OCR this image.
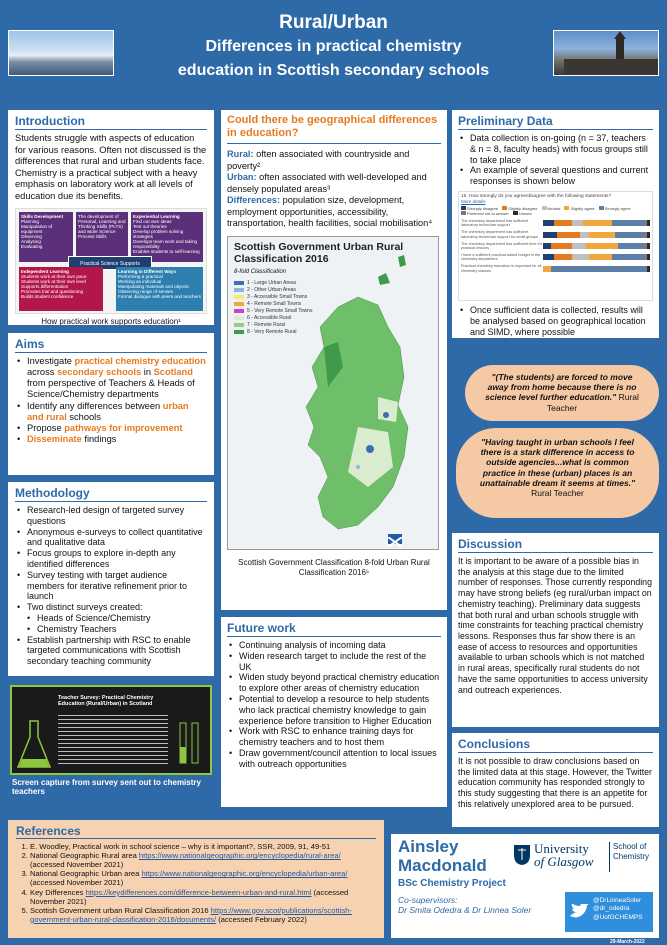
Rural/Urban
Differences in practical chemistry
education in Scottish secondary schools
Introduction
Students struggle with aspects of education for various reasons. Often not discussed is the differences that rural and urban students face. Chemistry is a practical subject with a heavy emphasis on laboratory work at all levels of education due its benefits.
Skills Development
Planning
Manipulation of equipment
Observing
Analysing
Evaluating
The development of Personal, Learning and Thinking Skills (PLTS) and wider Science Process Skills
Experiential Learning
Find out own ideas
Test out theories
Develop problem solving strategies
Develops team work and taking responsibility
Enables students to self-learning
Practical Science Supports
Independent Learning
Students work at their own pace
Students work at their own level
Supports differentiation
Promotes trial and questioning
Builds student confidence
Learning in Different Ways
Performing a practical
Working as individual
Manipulating materials and objects
Observing range of senses
Formal dialogue with peers and teachers
How practical work supports education¹
Aims
• Investigate practical chemistry education across secondary schools in Scotland from perspective of Teachers & Heads of Science/Chemistry departments
• Identify any differences between urban and rural schools
• Propose pathways for improvement
• Disseminate findings
Methodology
• Research-led design of targeted survey questions
• Anonymous e-surveys to collect quantitative and qualitative data
• Focus groups to explore in-depth any identified differences
• Survey testing with target audience members for iterative refinement prior to launch
• Two distinct surveys created:
• Heads of Science/Chemistry
• Chemistry Teachers
• Establish partnership with RSC to enable targeted communications with Scottish secondary teaching community
Teacher Survey: Practical Chemistry Education (Rural/Urban) in Scotland
Screen capture from survey sent out to chemistry teachers
Could there be geographical differences in education?
Rural: often associated with countryside and poverty²
Urban: often associated with well-developed and densely populated areas³
Differences: population size, development, employment opportunities, accessibility, transportation, health facilities, social mobilisation⁴
Scottish Government Urban Rural
Classification 2016
8-fold Classification
1 - Large Urban Areas
2 - Other Urban Areas
3 - Accessible Small Towns
4 - Remote Small Towns
5 - Very Remote Small Towns
6 - Accessible Rural
7 - Remote Rural
8 - Very Remote Rural
Scottish Government Classification 8-fold Urban Rural Classification 2016⁵
Future work
• Continuing analysis of incoming data
• Widen research target to include the rest of the UK
• Widen study beyond practical chemistry education to explore other areas of chemistry education
• Potential to develop a resource to help students who lack practical chemistry knowledge to gain experience before transition to Higher Education
• Work with RSC to enhance training days for chemistry teachers and to host them
• Draw government/council attention to local issues with outreach opportunities
Preliminary Data
• Data collection is on-going (n = 37, teachers & n = 8, faculty heads) with focus groups still to take place
• An example of several questions and current responses is shown below
15. How strongly do you agree/disagree with the following statements?
More details
Strongly disagree	Slightly disagree	Neutral	Slightly agree	Strongly agree
Preferred not to answer	Unsure
The chemistry department has sufficient laboratory technician support
The chemistry department has sufficient laboratory technician support for small groups
The chemistry department has sufficient time for practical lessons
I have a sufficient practical-based budget in the chemistry department
Practical chemistry education is important for all chemistry classes
• Once sufficient data is collected, results will be analysed based on geographical location and SIMD, where possible
"(The students) are forced to move away from home because there is no science level further education." Rural Teacher
"Having taught in urban schools I feel there is a stark difference in access to outside agencies...what is common practice in these (urban) places is an unattainable dream it seems at times." Rural Teacher
Discussion
It is important to be aware of a possible bias in the analysis at this stage due to the limited number of responses. Those currently responding may have strong beliefs (eg rural/urban impact on chemistry teaching). Preliminary data suggests that both rural and urban schools struggle with time constraints for teaching practical chemistry lessons. Responses thus far show there is an ease of access to resources and opportunities available to urban schools which is not matched in rural areas, specifically rural students do not have the same opportunities to access university and outreach experiences.
Conclusions
It is not possible to draw conclusions based on the limited data at this stage. However, the Twitter education community has responded strongly to this study suggesting that there is an appetite for this relatively unexplored area to be pursued.
References
1. E. Woodley, Practical work in school science – why is it important?, SSR, 2009, 91, 49-51
2. National Geographic Rural area https://www.nationalgeographic.org/encyclopedia/rural-area/ (accessed November 2021)
3. National Geographic Urban area https://www.nationalgeographic.org/encyclopedia/urban-area/ (accessed November 2021)
4. Key Differences https://keydifferences.com/difference-between-urban-and-rural.html (accessed November 2021)
5. Scottish Government urban Rural Classification 2016 https://www.gov.scot/publications/scottish-government-urban-rural-classification-2016/documents/ (accessed February 2022)
Ainsley
Macdonald
BSc Chemistry Project
Co-supervisors:
Dr Smita Odedra & Dr Linnea Soler
University
of Glasgow
School of
Chemistry
@DrLinneaSoler
@dr_odedra
@UofGCHEMPS
29-March-2022
